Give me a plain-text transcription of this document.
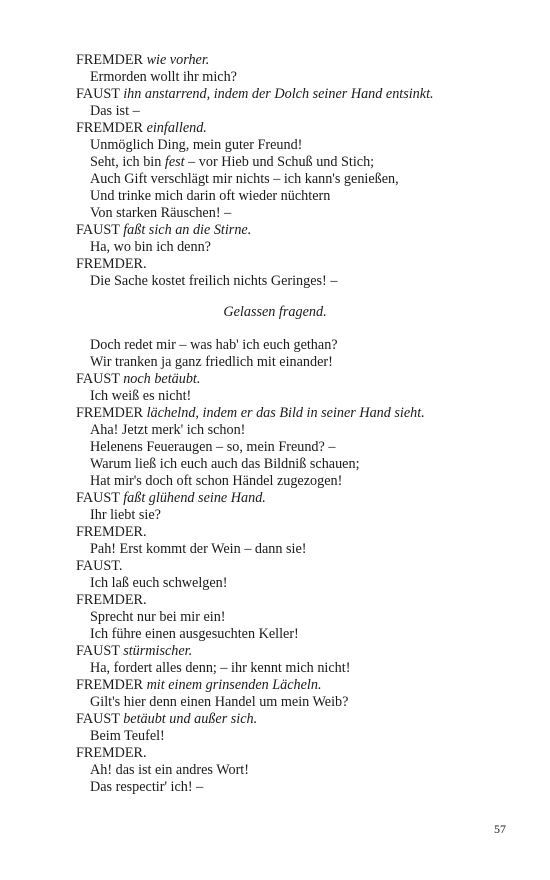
FREMDER wie vorher.
Ermorden wollt ihr mich?
FAUST ihn anstarrend, indem der Dolch seiner Hand entsinkt.
Das ist –
FREMDER einfallend.
Unmöglich Ding, mein guter Freund!
Seht, ich bin fest – vor Hieb und Schuß und Stich;
Auch Gift verschlägt mir nichts – ich kann's genießen,
Und trinke mich darin oft wieder nüchtern
Von starken Räuschen! –
FAUST faßt sich an die Stirne.
Ha, wo bin ich denn?
FREMDER.
Die Sache kostet freilich nichts Geringes! –
Gelassen fragend.
Doch redet mir – was hab' ich euch gethan?
Wir tranken ja ganz friedlich mit einander!
FAUST noch betäubt.
Ich weiß es nicht!
FREMDER lächelnd, indem er das Bild in seiner Hand sieht.
Aha! Jetzt merk' ich schon!
Helenens Feueraugen – so, mein Freund? –
Warum ließ ich euch auch das Bildniß schauen;
Hat mir's doch oft schon Händel zugezogen!
FAUST faßt glühend seine Hand.
Ihr liebt sie?
FREMDER.
Pah! Erst kommt der Wein – dann sie!
FAUST.
Ich laß euch schwelgen!
FREMDER.
Sprecht nur bei mir ein!
Ich führe einen ausgesuchten Keller!
FAUST stürmischer.
Ha, fordert alles denn; – ihr kennt mich nicht!
FREMDER mit einem grinsenden Lächeln.
Gilt's hier denn einen Handel um mein Weib?
FAUST betäubt und außer sich.
Beim Teufel!
FREMDER.
Ah! das ist ein andres Wort!
Das respectir' ich! –
57
